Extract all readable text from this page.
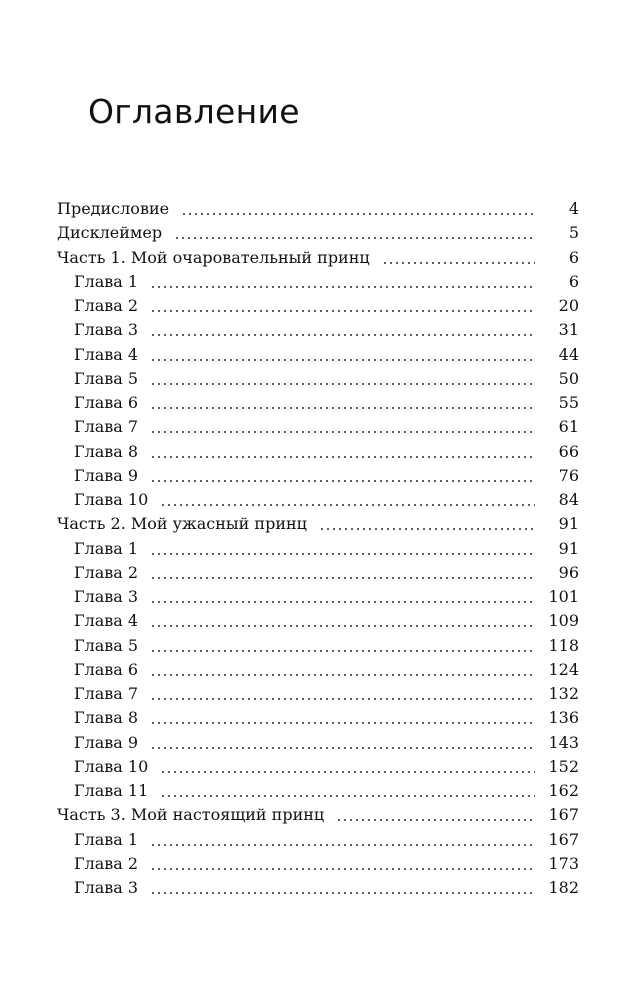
Оглавление
Предисловие	4
Дисклеймер	5
Часть 1. Мой очаровательный принц	6
Глава 1	6
Глава 2	20
Глава 3	31
Глава 4	44
Глава 5	50
Глава 6	55
Глава 7	61
Глава 8	66
Глава 9	76
Глава 10	84
Часть 2. Мой ужасный принц	91
Глава 1	91
Глава 2	96
Глава 3	101
Глава 4	109
Глава 5	118
Глава 6	124
Глава 7	132
Глава 8	136
Глава 9	143
Глава 10	152
Глава 11	162
Часть 3. Мой настоящий принц	167
Глава 1	167
Глава 2	173
Глава 3	182
